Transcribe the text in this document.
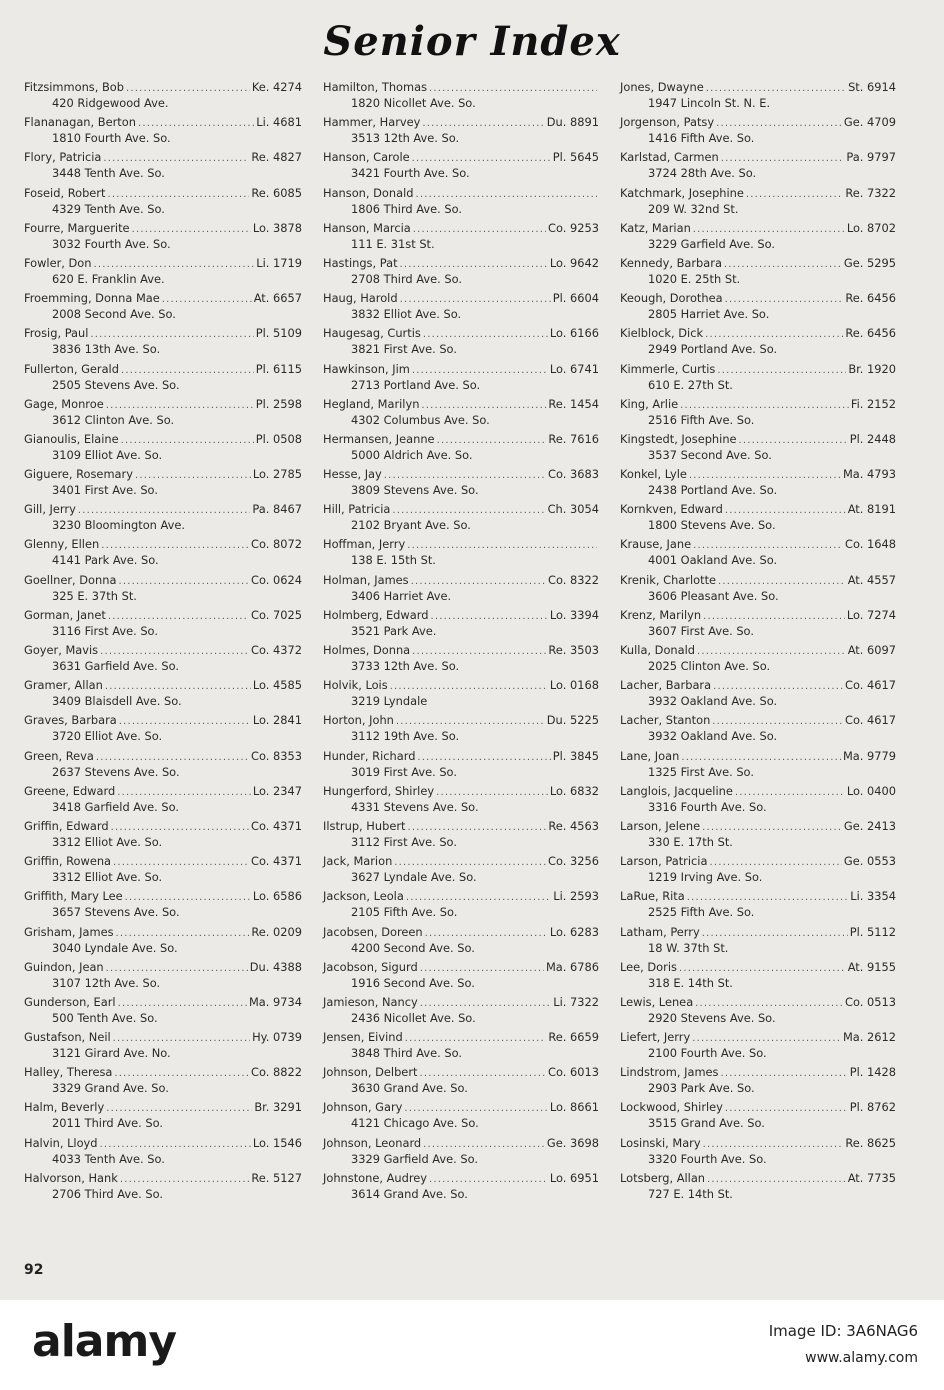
Senior Index
Fitzsimmons, Bob .....	Ke. 4274
420 Ridgewood Ave.
Flananagan, Berton .....	Li. 4681
1810 Fourth Ave. So.
Flory, Patricia .....	Re. 4827
3448 Tenth Ave. So.
Foseid, Robert .....	Re. 6085
4329 Tenth Ave. So.
Fourre, Marguerite .....	Lo. 3878
3032 Fourth Ave. So.
Fowler, Don .....	Li. 1719
620 E. Franklin Ave.
Froemming, Donna Mae .....	At. 6657
2008 Second Ave. So.
Frosig, Paul .....	Pl. 5109
3836 13th Ave. So.
Fullerton, Gerald .....	Pl. 6115
2505 Stevens Ave. So.
Gage, Monroe .....	Pl. 2598
3612 Clinton Ave. So.
Gianoulis, Elaine .....	Pl. 0508
3109 Elliot Ave. So.
Giguere, Rosemary .....	Lo. 2785
3401 First Ave. So.
Gill, Jerry .....	Pa. 8467
3230 Bloomington Ave.
Glenny, Ellen .....	Co. 8072
4141 Park Ave. So.
Goellner, Donna .....	Co. 0624
325 E. 37th St.
Gorman, Janet .....	Co. 7025
3116 First Ave. So.
Goyer, Mavis .....	Co. 4372
3631 Garfield Ave. So.
Gramer, Allan .....	Lo. 4585
3409 Blaisdell Ave. So.
Graves, Barbara .....	Lo. 2841
3720 Elliot Ave. So.
Green, Reva .....	Co. 8353
2637 Stevens Ave. So.
Greene, Edward .....	Lo. 2347
3418 Garfield Ave. So.
Griffin, Edward .....	Co. 4371
3312 Elliot Ave. So.
Griffin, Rowena .....	Co. 4371
3312 Elliot Ave. So.
Griffith, Mary Lee .....	Lo. 6586
3657 Stevens Ave. So.
Grisham, James .....	Re. 0209
3040 Lyndale Ave. So.
Guindon, Jean .....	Du. 4388
3107 12th Ave. So.
Gunderson, Earl .....	Ma. 9734
500 Tenth Ave. So.
Gustafson, Neil .....	Hy. 0739
3121 Girard Ave. No.
Halley, Theresa .....	Co. 8822
3329 Grand Ave. So.
Halm, Beverly .....	Br. 3291
2011 Third Ave. So.
Halvin, Lloyd .....	Lo. 1546
4033 Tenth Ave. So.
Halvorson, Hank .....	Re. 5127
2706 Third Ave. So.
Hamilton, Thomas
.....
1820 Nicollet Ave. So.
Hammer, Harvey .....	Du. 8891
3513 12th Ave. So.
Hanson, Carole .....	Pl. 5645
3421 Fourth Ave. So.
Hanson, Donald
.....
1806 Third Ave. So.
Hanson, Marcia .....	Co. 9253
111 E. 31st St.
Hastings, Pat .....	Lo. 9642
2708 Third Ave. So.
Haug, Harold .....	Pl. 6604
3832 Elliot Ave. So.
Haugesag, Curtis .....	Lo. 6166
3821 First Ave. So.
Hawkinson, Jim .....	Lo. 6741
2713 Portland Ave. So.
Hegland, Marilyn .....	Re. 1454
4302 Columbus Ave. So.
Hermansen, Jeanne .....	Re. 7616
5000 Aldrich Ave. So.
Hesse, Jay .....	Co. 3683
3809 Stevens Ave. So.
Hill, Patricia .....	Ch. 3054
2102 Bryant Ave. So.
Hoffman, Jerry
.....
138 E. 15th St.
Holman, James .....	Co. 8322
3406 Harriet Ave.
Holmberg, Edward .....	Lo. 3394
3521 Park Ave.
Holmes, Donna .....	Re. 3503
3733 12th Ave. So.
Holvik, Lois .....	Lo. 0168
3219 Lyndale
Horton, John .....	Du. 5225
3112 19th Ave. So.
Hunder, Richard .....	Pl. 3845
3019 First Ave. So.
Hungerford, Shirley .....	Lo. 6832
4331 Stevens Ave. So.
Ilstrup, Hubert .....	Re. 4563
3112 First Ave. So.
Jack, Marion .....	Co. 3256
3627 Lyndale Ave. So.
Jackson, Leola .....	Li. 2593
2105 Fifth Ave. So.
Jacobsen, Doreen .....	Lo. 6283
4200 Second Ave. So.
Jacobson, Sigurd .....	Ma. 6786
1916 Second Ave. So.
Jamieson, Nancy .....	Li. 7322
2436 Nicollet Ave. So.
Jensen, Eivind .....	Re. 6659
3848 Third Ave. So.
Johnson, Delbert .....	Co. 6013
3630 Grand Ave. So.
Johnson, Gary .....	Lo. 8661
4121 Chicago Ave. So.
Johnson, Leonard .....	Ge. 3698
3329 Garfield Ave. So.
Johnstone, Audrey .....	Lo. 6951
3614 Grand Ave. So.
Jones, Dwayne .....	St. 6914
1947 Lincoln St. N. E.
Jorgenson, Patsy .....	Ge. 4709
1416 Fifth Ave. So.
Karlstad, Carmen .....	Pa. 9797
3724 28th Ave. So.
Katchmark, Josephine .....	Re. 7322
209 W. 32nd St.
Katz, Marian .....	Lo. 8702
3229 Garfield Ave. So.
Kennedy, Barbara .....	Ge. 5295
1020 E. 25th St.
Keough, Dorothea .....	Re. 6456
2805 Harriet Ave. So.
Kielblock, Dick .....	Re. 6456
2949 Portland Ave. So.
Kimmerle, Curtis .....	Br. 1920
610 E. 27th St.
King, Arlie .....	Fi. 2152
2516 Fifth Ave. So.
Kingstedt, Josephine .....	Pl. 2448
3537 Second Ave. So.
Konkel, Lyle .....	Ma. 4793
2438 Portland Ave. So.
Kornkven, Edward .....	At. 8191
1800 Stevens Ave. So.
Krause, Jane .....	Co. 1648
4001 Oakland Ave. So.
Krenik, Charlotte .....	At. 4557
3606 Pleasant Ave. So.
Krenz, Marilyn .....	Lo. 7274
3607 First Ave. So.
Kulla, Donald .....	At. 6097
2025 Clinton Ave. So.
Lacher, Barbara .....	Co. 4617
3932 Oakland Ave. So.
Lacher, Stanton .....	Co. 4617
3932 Oakland Ave. So.
Lane, Joan .....	Ma. 9779
1325 First Ave. So.
Langlois, Jacqueline .....	Lo. 0400
3316 Fourth Ave. So.
Larson, Jelene .....	Ge. 2413
330 E. 17th St.
Larson, Patricia .....	Ge. 0553
1219 Irving Ave. So.
LaRue, Rita .....	Li. 3354
2525 Fifth Ave. So.
Latham, Perry .....	Pl. 5112
18 W. 37th St.
Lee, Doris .....	At. 9155
318 E. 14th St.
Lewis, Lenea .....	Co. 0513
2920 Stevens Ave. So.
Liefert, Jerry .....	Ma. 2612
2100 Fourth Ave. So.
Lindstrom, James .....	Pl. 1428
2903 Park Ave. So.
Lockwood, Shirley .....	Pl. 8762
3515 Grand Ave. So.
Losinski, Mary .....	Re. 8625
3320 Fourth Ave. So.
Lotsberg, Allan .....	At. 7735
727 E. 14th St.
92
alamy	Image ID: 3A6NAG6
www.alamy.com
